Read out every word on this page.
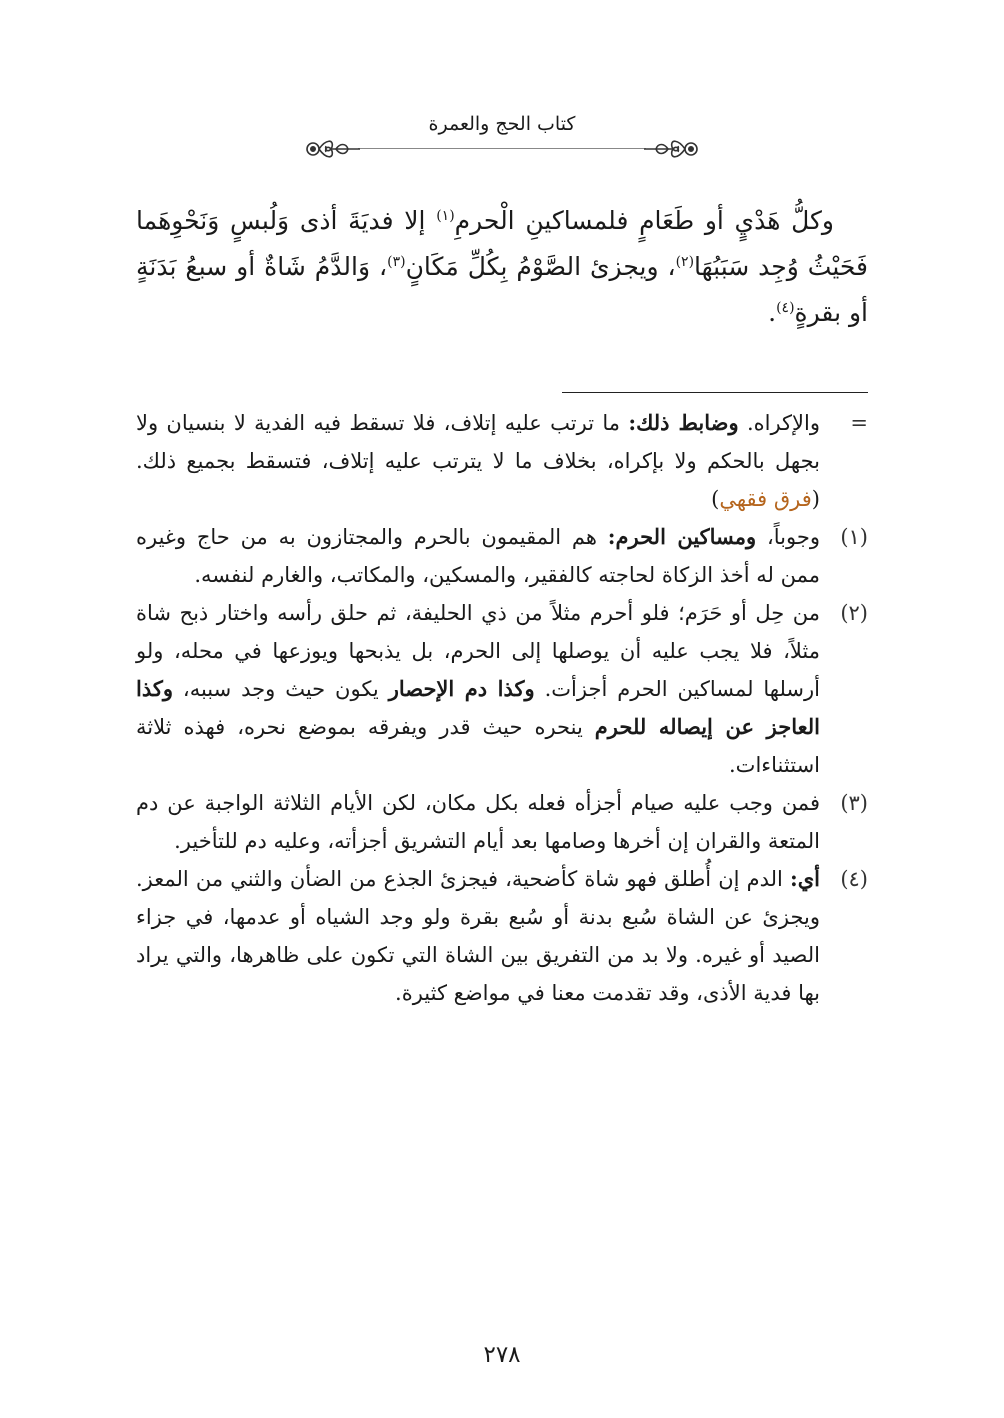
كتاب الحج والعمرة

وكلُّ هَدْيٍ أو طَعَامٍ فلمساكينِ الْحرمِ$^{(١)}$ إلا فديَةَ أذى وَلُبسٍ وَنَحْوِهَما فَحَيْثُ وُجِد سَبَبُهَا$^{(٢)}$، ويجزئ الصَّوْمُ بِكُلِّ مَكَانٍ$^{(٣)}$، وَالدَّمُ شَاةٌ أو سبعُ بَدَنَةٍ أو بقرةٍ$^{(٤)}$.

=
والإكراه. وضابط ذلك: ما ترتب عليه إتلاف، فلا تسقط فيه الفدية لا بنسيان ولا بجهل بالحكم ولا بإكراه، بخلاف ما لا يترتب عليه إتلاف، فتسقط بجميع ذلك. (فرق فقهي)
(١)
وجوباً، ومساكين الحرم: هم المقيمون بالحرم والمجتازون به من حاج وغيره ممن له أخذ الزكاة لحاجته كالفقير، والمسكين، والمكاتب، والغارم لنفسه.
(٢)
من حِل أو حَرَم؛ فلو أحرم مثلاً من ذي الحليفة، ثم حلق رأسه واختار ذبح شاة مثلاً، فلا يجب عليه أن يوصلها إلى الحرم، بل يذبحها ويوزعها في محله، ولو أرسلها لمساكين الحرم أجزأت. وكذا دم الإحصار يكون حيث وجد سببه، وكذا العاجز عن إيصاله للحرم ينحره حيث قدر ويفرقه بموضع نحره، فهذه ثلاثة استثناءات.
(٣)
فمن وجب عليه صيام أجزأه فعله بكل مكان، لكن الأيام الثلاثة الواجبة عن دم المتعة والقران إن أخرها وصامها بعد أيام التشريق أجزأته، وعليه دم للتأخير.
(٤)
أي: الدم إن أُطلق فهو شاة كأضحية، فيجزئ الجذع من الضأن والثني من المعز. ويجزئ عن الشاة سُبع بدنة أو سُبع بقرة ولو وجد الشياه أو عدمها، في جزاء الصيد أو غيره. ولا بد من التفريق بين الشاة التي تكون على ظاهرها، والتي يراد بها فدية الأذى، وقد تقدمت معنا في مواضع كثيرة.
٢٧٨
